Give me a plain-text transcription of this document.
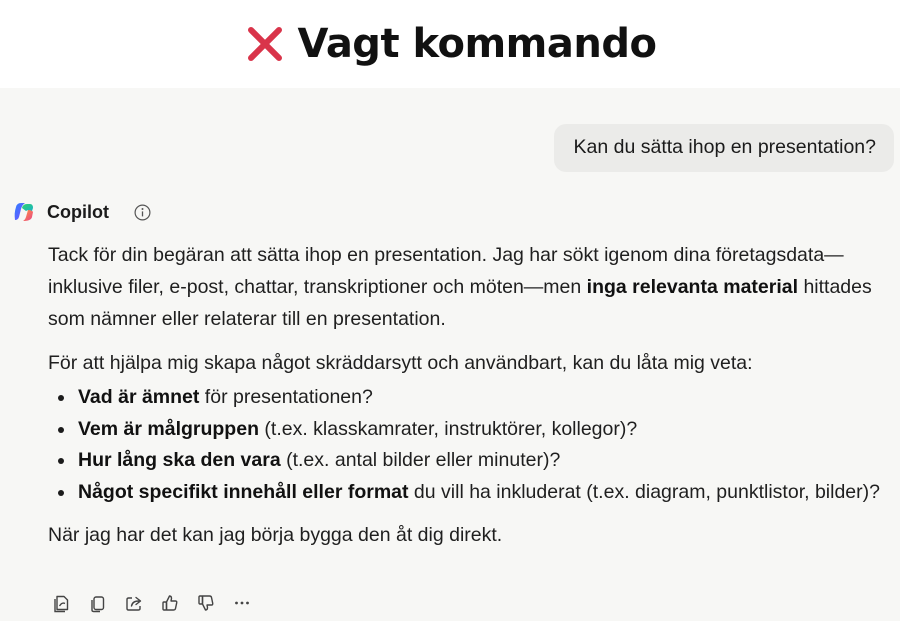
Vagt kommando
Kan du sätta ihop en presentation?
Copilot

Tack för din begäran att sätta ihop en presentation. Jag har sökt igenom dina företagsdata—inklusive filer, e-post, chattar, transkriptioner och möten—men inga relevanta material hittades som nämner eller relaterar till en presentation.

För att hjälpa mig skapa något skräddarsytt och användbart, kan du låta mig veta:

Vad är ämnet för presentationen?
Vem är målgruppen (t.ex. klasskamrater, instruktörer, kollegor)?
Hur lång ska den vara (t.ex. antal bilder eller minuter)?
Något specifikt innehåll eller format du vill ha inkluderat (t.ex. diagram, punktlistor, bilder)?

När jag har det kan jag börja bygga den åt dig direkt.
